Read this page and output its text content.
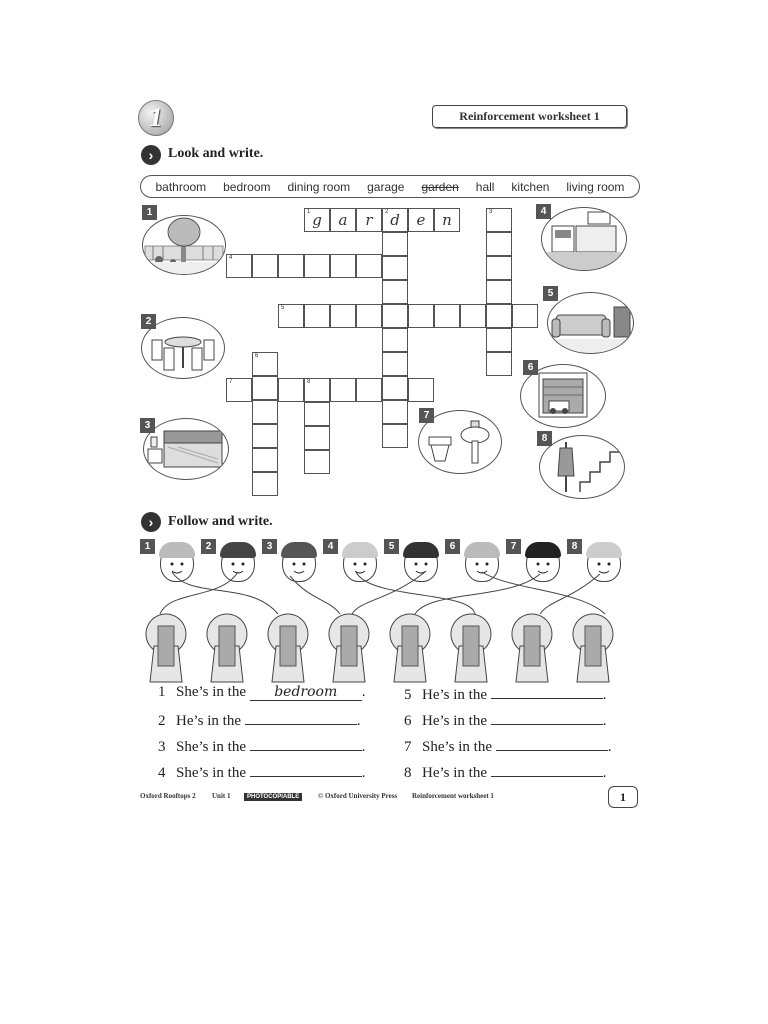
1	Reinforcement worksheet 1
›	Look and write.
bathroom bedroom dining room garage garden hall kitchen living room
1 g	a	r	2 d	e	n	3
4
5
6
7	8
1
2
3
4
5
6
7
8
›	Follow and write.
1	2	3	4	5	6	7	8
1 She’s in the bedroom .
2 He’s in the	.
3 She’s in the	.
4 She’s in the	.
5 He’s in the	.
6 He’s in the	.
7 She’s in the	.
8 He’s in the	.
Oxford Rooftops 2 Unit 1	PHOTOCOPIABLE	© Oxford University Press Reinforcement worksheet 1	1
